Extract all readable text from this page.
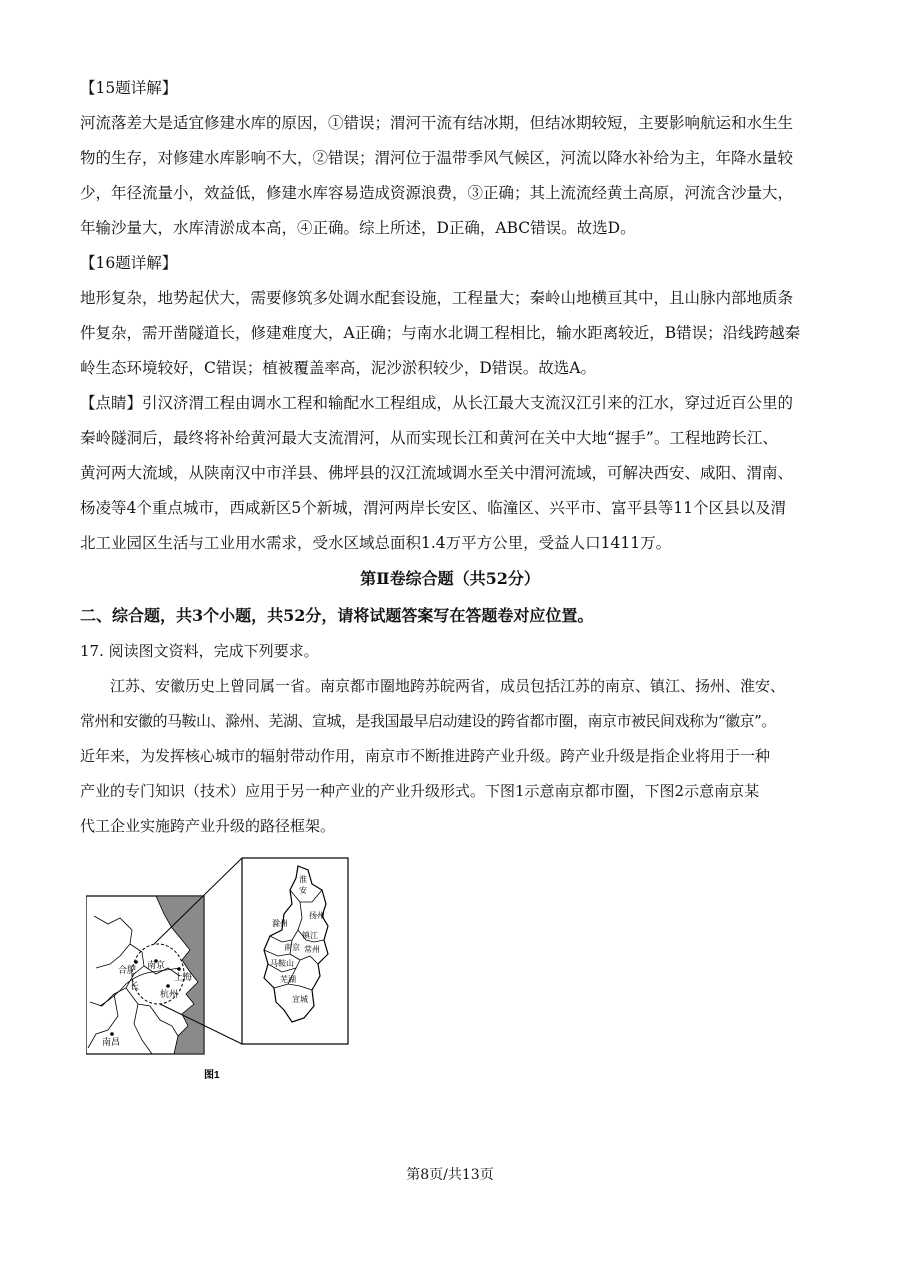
【15题详解】
河流落差大是适宜修建水库的原因，①错误；渭河干流有结冰期，但结冰期较短，主要影响航运和水生生
物的生存，对修建水库影响不大，②错误；渭河位于温带季风气候区，河流以降水补给为主，年降水量较
少，年径流量小，效益低，修建水库容易造成资源浪费，③正确；其上流流经黄土高原，河流含沙量大，
年输沙量大，水库清淤成本高，④正确。综上所述，D正确，ABC错误。故选D。
【16题详解】
地形复杂，地势起伏大，需要修筑多处调水配套设施，工程量大；秦岭山地横亘其中，且山脉内部地质条
件复杂，需开凿隧道长，修建难度大，A正确；与南水北调工程相比，输水距离较近，B错误；沿线跨越秦
岭生态环境较好，C错误；植被覆盖率高，泥沙淤积较少，D错误。故选A。
【点睛】引汉济渭工程由调水工程和输配水工程组成，从长江最大支流汉江引来的江水，穿过近百公里的
秦岭隧洞后，最终将补给黄河最大支流渭河，从而实现长江和黄河在关中大地“握手”。工程地跨长江、
黄河两大流域，从陕南汉中市洋县、佛坪县的汉江流域调水至关中渭河流域，可解决西安、咸阳、渭南、
杨凌等4个重点城市，西咸新区5个新城，渭河两岸长安区、临潼区、兴平市、富平县等11个区县以及渭
北工业园区生活与工业用水需求，受水区域总面积1.4万平方公里，受益人口1411万。
第Ⅱ卷综合题（共52分）
二、综合题，共3个小题，共52分，请将试题答案写在答题卷对应位置。
17. 阅读图文资料，完成下列要求。
　　江苏、安徽历史上曾同属一省。南京都市圈地跨苏皖两省，成员包括江苏的南京、镇江、扬州、淮安、
常州和安徽的马鞍山、滁州、芜湖、宣城，是我国最早启动建设的跨省都市圈，南京市被民间戏称为“徽京”。
近年来，为发挥核心城市的辐射带动作用，南京市不断推进跨产业升级。跨产业升级是指企业将用于一种
产业的专门知识（技术）应用于另一种产业的产业升级形式。下图1示意南京都市圈，下图2示意南京某
代工企业实施跨产业升级的路径框架。
合肥 南京
上海
杭州
长
南昌
淮
安
扬州
滁州
镇江
南京
马鞍山
常州
芜湖
宣城
图1
第8页/共13页
